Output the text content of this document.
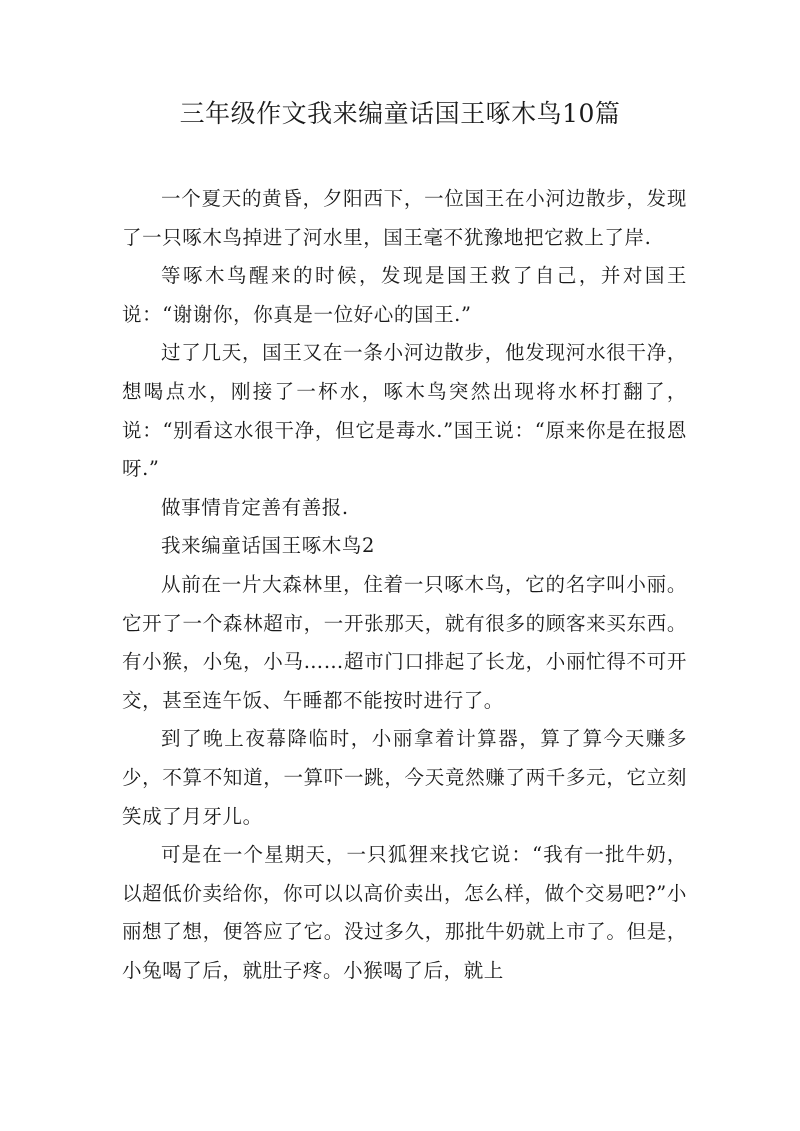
三年级作文我来编童话国王啄木鸟10篇

一个夏天的黄昏，夕阳西下，一位国王在小河边散步，发现了一只啄木鸟掉进了河水里，国王毫不犹豫地把它救上了岸.

等啄木鸟醒来的时候，发现是国王救了自己，并对国王说：“谢谢你，你真是一位好心的国王.”

过了几天，国王又在一条小河边散步，他发现河水很干净，想喝点水，刚接了一杯水，啄木鸟突然出现将水杯打翻了，说：“别看这水很干净，但它是毒水.”国王说：“原来你是在报恩呀.”

做事情肯定善有善报.

我来编童话国王啄木鸟2

从前在一片大森林里，住着一只啄木鸟，它的名字叫小丽。它开了一个森林超市，一开张那天，就有很多的顾客来买东西。有小猴，小兔，小马……超市门口排起了长龙，小丽忙得不可开交，甚至连午饭、午睡都不能按时进行了。

到了晚上夜幕降临时，小丽拿着计算器，算了算今天赚多少，不算不知道，一算吓一跳，今天竟然赚了两千多元，它立刻笑成了月牙儿。

可是在一个星期天，一只狐狸来找它说：“我有一批牛奶，以超低价卖给你，你可以以高价卖出，怎么样，做个交易吧?”小丽想了想，便答应了它。没过多久，那批牛奶就上市了。但是，小兔喝了后，就肚子疼。小猴喝了后，就上
